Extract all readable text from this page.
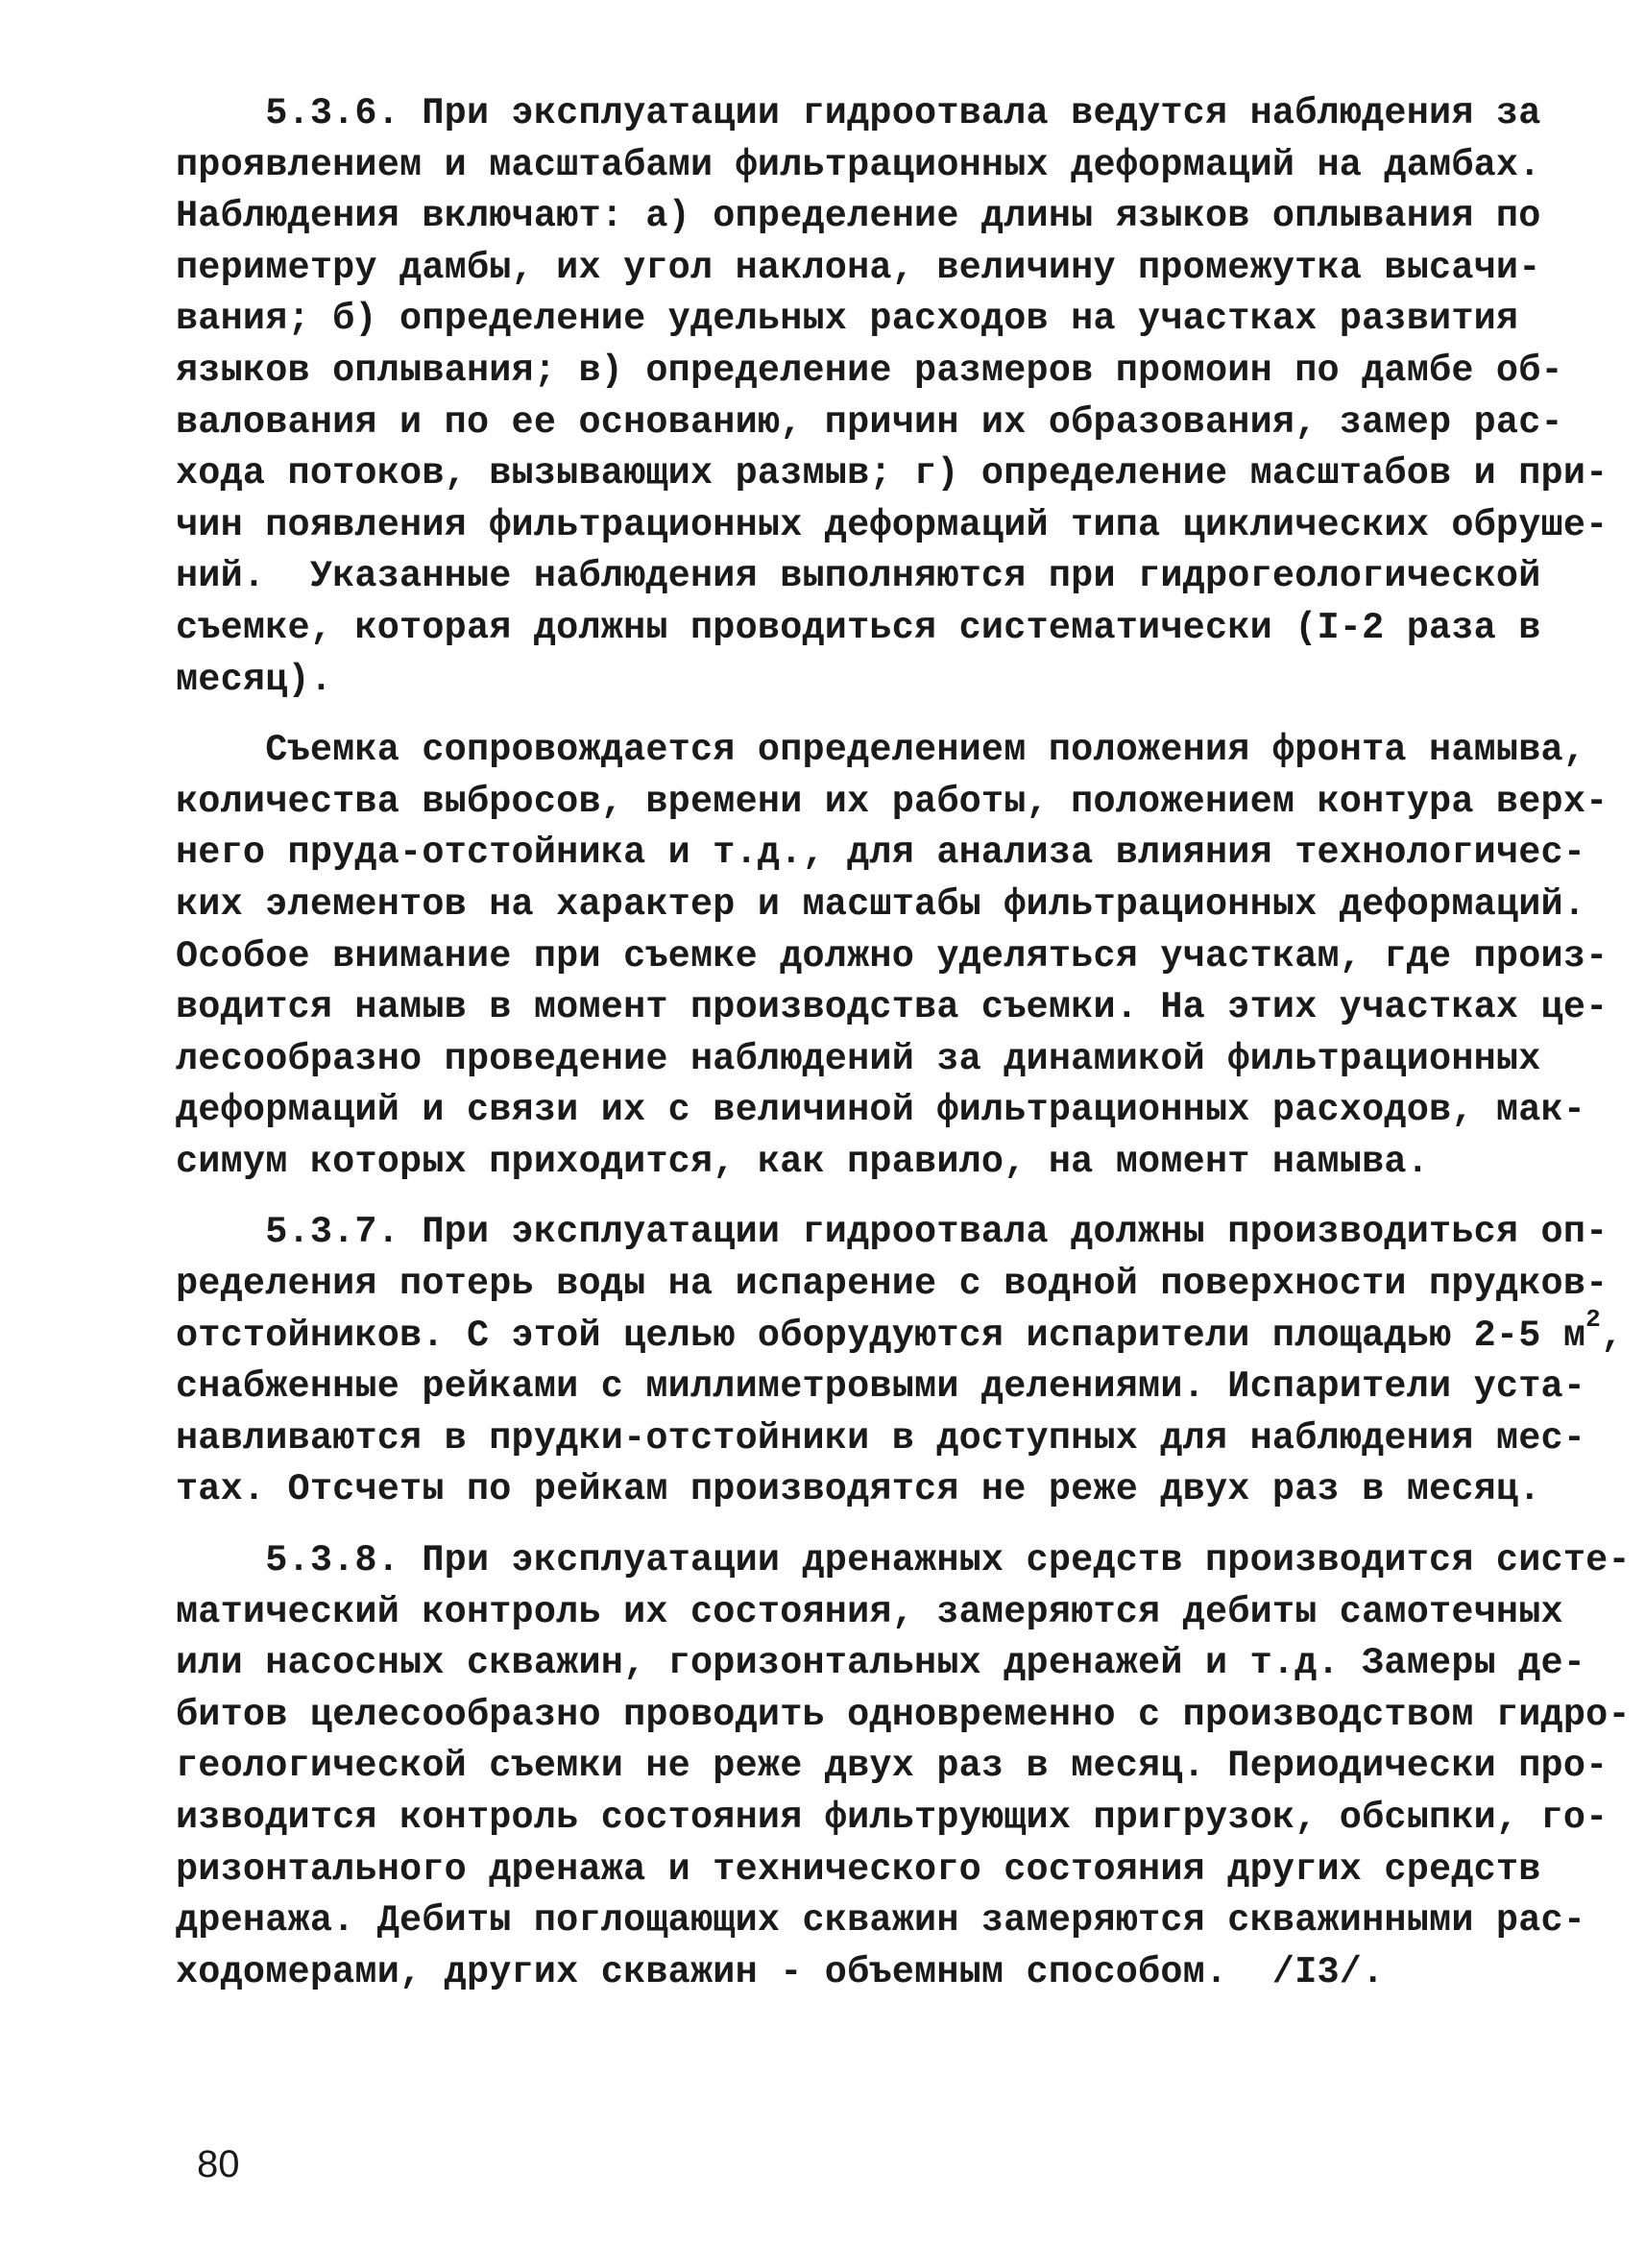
5.3.6. При эксплуатации гидроотвала ведутся наблюдения за
проявлением и масштабами фильтрационных деформаций на дамбах.
Наблюдения включают: а) определение длины языков оплывания по
периметру дамбы, их угол наклона, величину промежутка высачи-
вания; б) определение удельных расходов на участках развития
языков оплывания; в) определение размеров промоин по дамбе об-
валования и по ее основанию, причин их образования, замер рас-
хода потоков, вызывающих размыв; г) определение масштабов и при-
чин появления фильтрационных деформаций типа циклических обруше-
ний.  Указанные наблюдения выполняются при гидрогеологической
съемке, которая должны проводиться систематически (I-2 раза в
месяц).
Съемка сопровождается определением положения фронта намыва,
количества выбросов, времени их работы, положением контура верх-
него пруда-отстойника и т.д., для анализа влияния технологичес-
ких элементов на характер и масштабы фильтрационных деформаций.
Особое внимание при съемке должно уделяться участкам, где произ-
водится намыв в момент производства съемки. На этих участках це-
лесообразно проведение наблюдений за динамикой фильтрационных
деформаций и связи их с величиной фильтрационных расходов, мак-
симум которых приходится, как правило, на момент намыва.
5.3.7. При эксплуатации гидроотвала должны производиться оп-
ределения потерь воды на испарение с водной поверхности прудков-
отстойников. С этой целью оборудуются испарители площадью 2-5 $м^2$,
снабженные рейками с миллиметровыми делениями. Испарители уста-
навливаются в прудки-отстойники в доступных для наблюдения мес-
тах. Отсчеты по рейкам производятся не реже двух раз в месяц.
5.3.8. При эксплуатации дренажных средств производится систе-
матический контроль их состояния, замеряются дебиты самотечных
или насосных скважин, горизонтальных дренажей и т.д. Замеры де-
битов целесообразно проводить одновременно с производством гидро-
геологической съемки не реже двух раз в месяц. Периодически про-
изводится контроль состояния фильтрующих пригрузок, обсыпки, го-
ризонтального дренажа и технического состояния других средств
дренажа. Дебиты поглощающих скважин замеряются скважинными рас-
ходомерами, других скважин - объемным способом.  /I3/.
80
